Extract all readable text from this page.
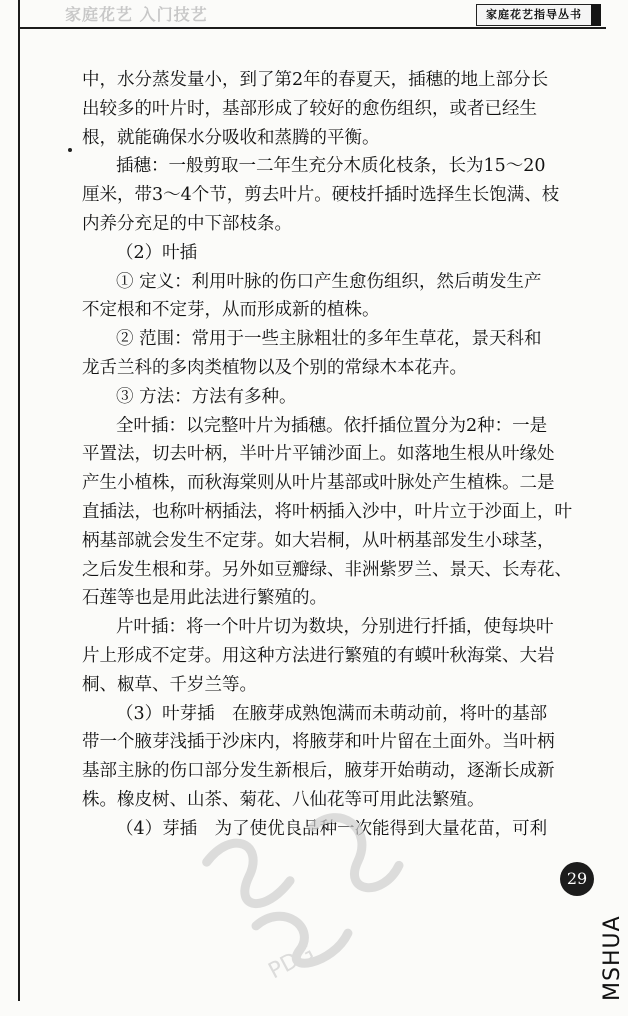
家庭花艺 入门技艺	家庭花艺指导丛书
中，水分蒸发量小，到了第2年的春夏天，插穗的地上部分长
出较多的叶片时，基部形成了较好的愈伤组织，或者已经生
根，就能确保水分吸收和蒸腾的平衡。
插穗：一般剪取一二年生充分木质化枝条，长为15～20
厘米，带3～4个节，剪去叶片。硬枝扦插时选择生长饱满、枝
内养分充足的中下部枝条。
（2）叶插
① 定义：利用叶脉的伤口产生愈伤组织，然后萌发生产
不定根和不定芽，从而形成新的植株。
② 范围：常用于一些主脉粗壮的多年生草花，景天科和
龙舌兰科的多肉类植物以及个别的常绿木本花卉。
③ 方法：方法有多种。
全叶插：以完整叶片为插穗。依扦插位置分为2种：一是
平置法，切去叶柄，半叶片平铺沙面上。如落地生根从叶缘处
产生小植株，而秋海棠则从叶片基部或叶脉处产生植株。二是
直插法，也称叶柄插法，将叶柄插入沙中，叶片立于沙面上，叶
柄基部就会发生不定芽。如大岩桐，从叶柄基部发生小球茎，
之后发生根和芽。另外如豆瓣绿、非洲紫罗兰、景天、长寿花、
石莲等也是用此法进行繁殖的。
片叶插：将一个叶片切为数块，分别进行扦插，使每块叶
片上形成不定芽。用这种方法进行繁殖的有蟆叶秋海棠、大岩
桐、椒草、千岁兰等。
（3）叶芽插　在腋芽成熟饱满而未萌动前，将叶的基部
带一个腋芽浅插于沙床内，将腋芽和叶片留在土面外。当叶柄
基部主脉的伤口部分发生新根后，腋芽开始萌动，逐渐长成新
株。橡皮树、山茶、菊花、八仙花等可用此法繁殖。
（4）芽插　为了使优良品种一次能得到大量花苗，可利
PDG
29
MSHUA
